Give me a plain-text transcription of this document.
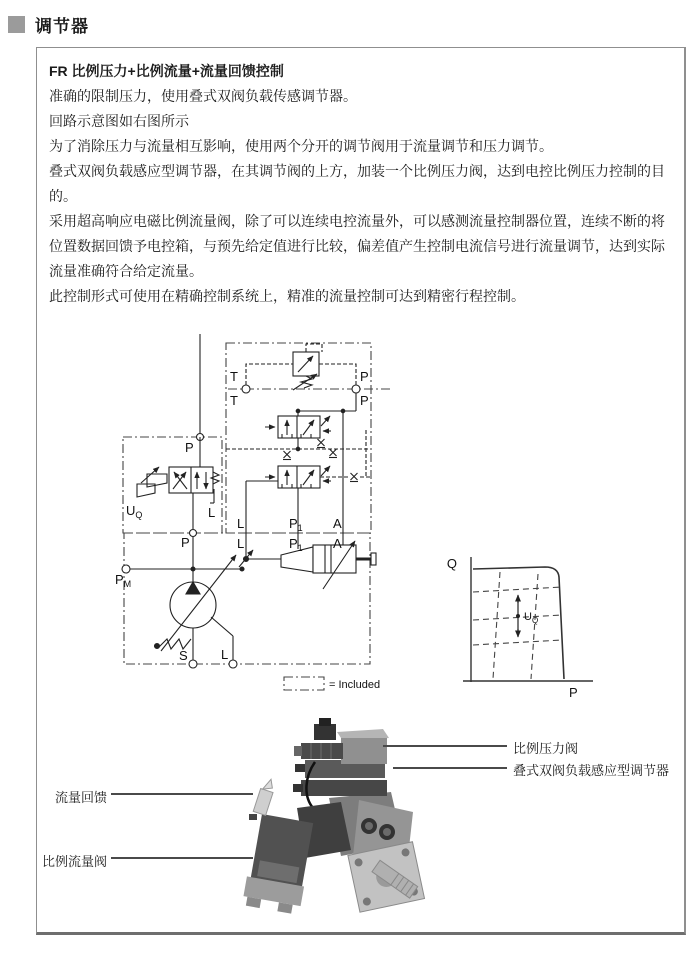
调节器
FR 比例压力+比例流量+流量回馈控制

准确的限制压力，使用叠式双阀负载传感调节器。

回路示意图如右图所示

为了消除压力与流量相互影响，使用两个分开的调节阀用于流量调节和压力调节。

叠式双阀负载感应型调节器，在其调节阀的上方，加装一个比例压力阀，达到电控比例压力控制的目的。

采用超高响应电磁比例流量阀，除了可以连续电控流量外，可以感测流量控制器位置，连续不断的将位置数据回馈予电控箱，与预先给定值进行比较，偏差值产生控制电流信号进行流量调节，达到实际流量准确符合给定流量。

此控制形式可使用在精确控制系统上，精准的流量控制可达到精密行程控制。

P
T
T
P
P
$U_Q$	L
P
L	$P_1$ A
L	$P_1$ A
$P_M$
S	L
= Included
Q
P
$U_Q$
比例压力阀
叠式双阀负载感应型调节器
流量回馈
比例流量阀
